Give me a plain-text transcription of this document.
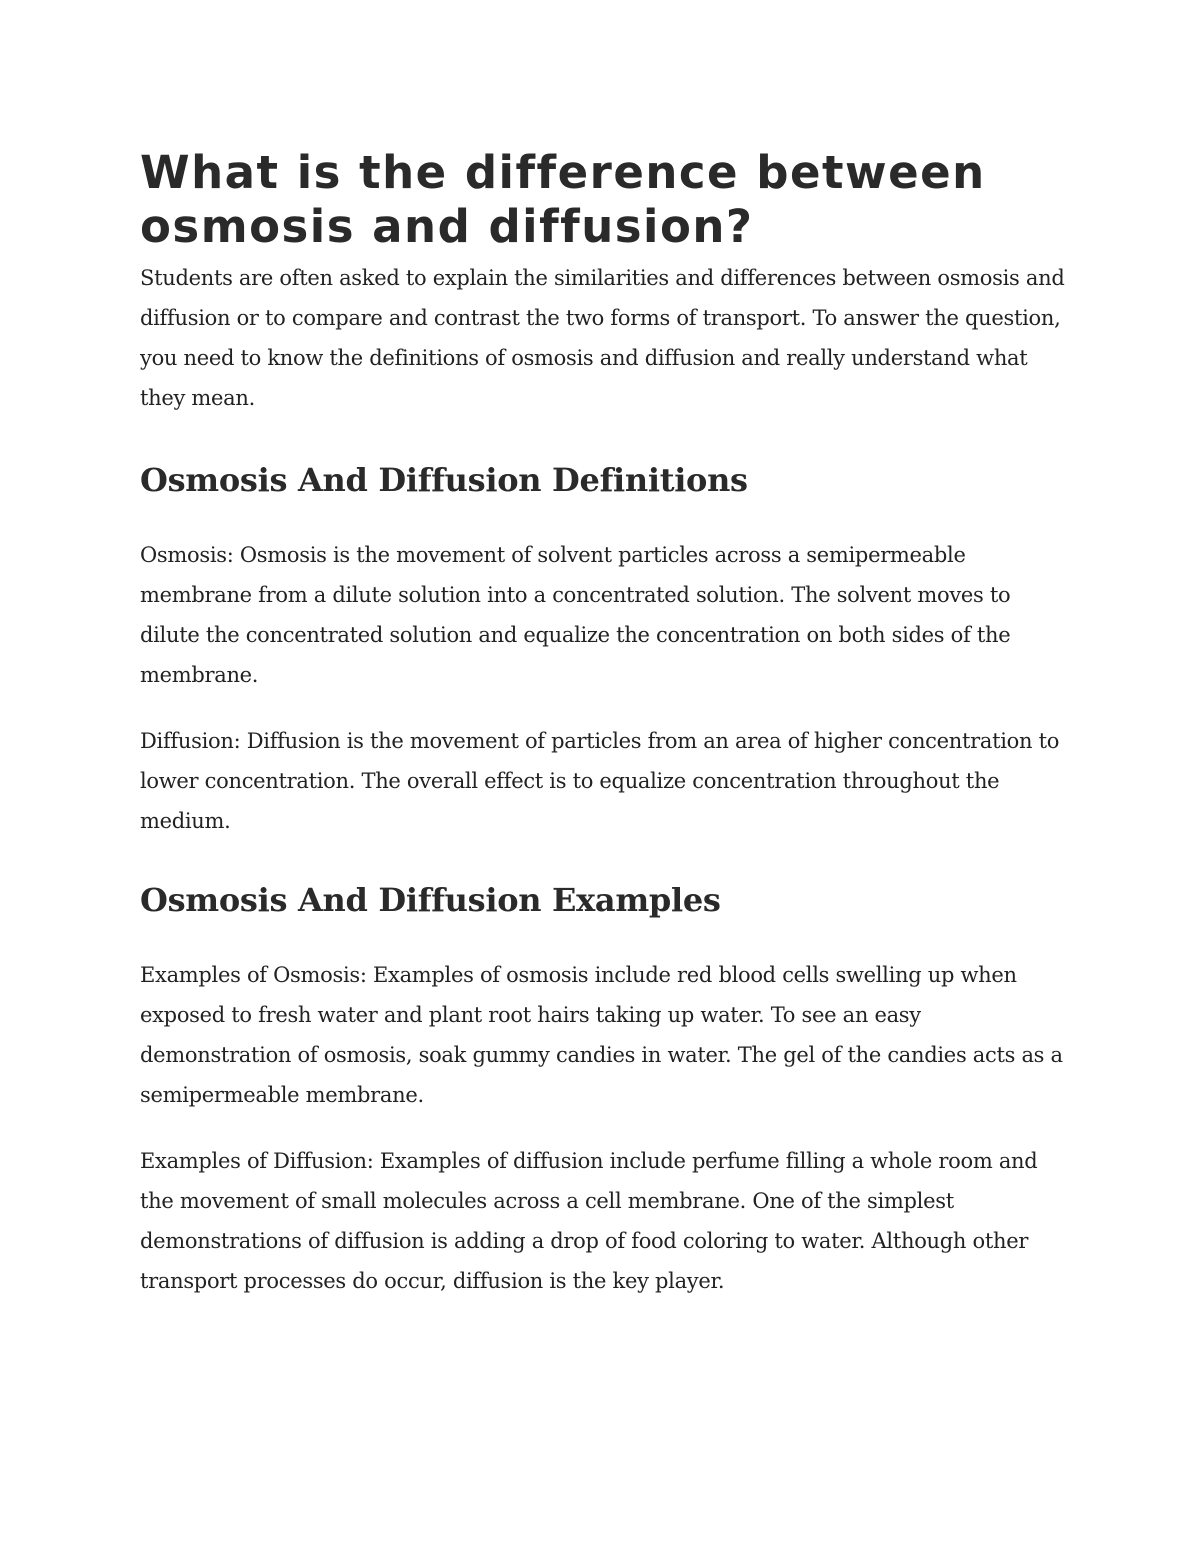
What is the difference between osmosis and diffusion?

Students are often asked to explain the similarities and differences between osmosis and diffusion or to compare and contrast the two forms of transport. To answer the question, you need to know the definitions of osmosis and diffusion and really understand what they mean.

Osmosis And Diffusion Definitions

Osmosis: Osmosis is the movement of solvent particles across a semipermeable membrane from a dilute solution into a concentrated solution. The solvent moves to dilute the concentrated solution and equalize the concentration on both sides of the membrane.

Diffusion: Diffusion is the movement of particles from an area of higher concentration to lower concentration. The overall effect is to equalize concentration throughout the medium.

Osmosis And Diffusion Examples

Examples of Osmosis: Examples of osmosis include red blood cells swelling up when exposed to fresh water and plant root hairs taking up water. To see an easy demonstration of osmosis, soak gummy candies in water. The gel of the candies acts as a semipermeable membrane.

Examples of Diffusion: Examples of diffusion include perfume filling a whole room and the movement of small molecules across a cell membrane. One of the simplest demonstrations of diffusion is adding a drop of food coloring to water. Although other transport processes do occur, diffusion is the key player.
